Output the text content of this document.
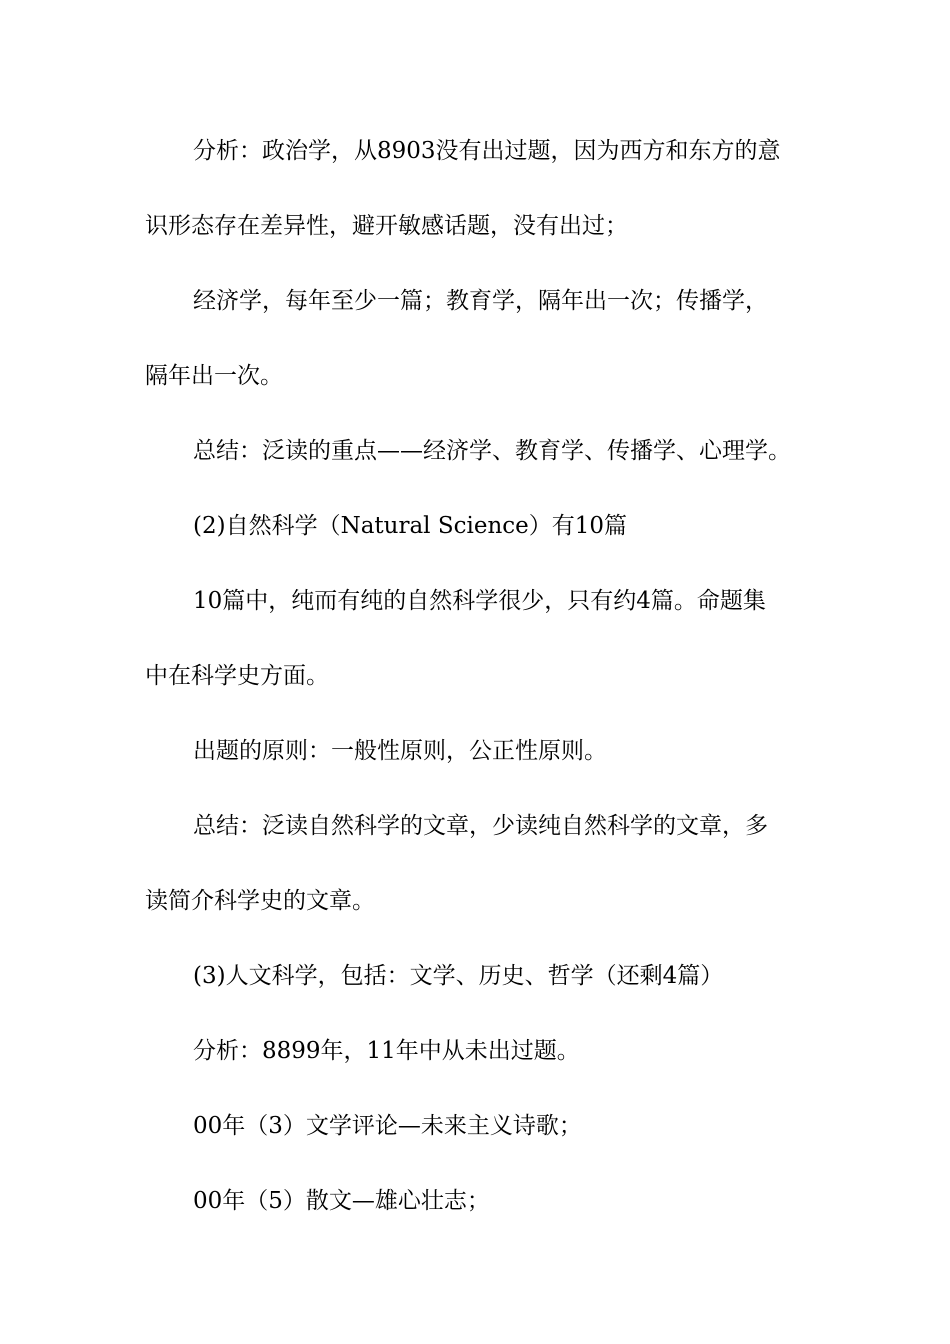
分析：政治学，从8903没有出过题，因为西方和东方的意
识形态存在差异性，避开敏感话题，没有出过；
经济学，每年至少一篇；教育学，隔年出一次；传播学，
隔年出一次。
总结：泛读的重点——经济学、教育学、传播学、心理学。
(2)自然科学（Natural Science）有10篇
10篇中，纯而有纯的自然科学很少，只有约4篇。命题集
中在科学史方面。
出题的原则：一般性原则，公正性原则。
总结：泛读自然科学的文章，少读纯自然科学的文章，多
读简介科学史的文章。
(3)人文科学，包括：文学、历史、哲学（还剩4篇）
分析：8899年，11年中从未出过题。
00年（3）文学评论—未来主义诗歌；
00年（5）散文—雄心壮志；
